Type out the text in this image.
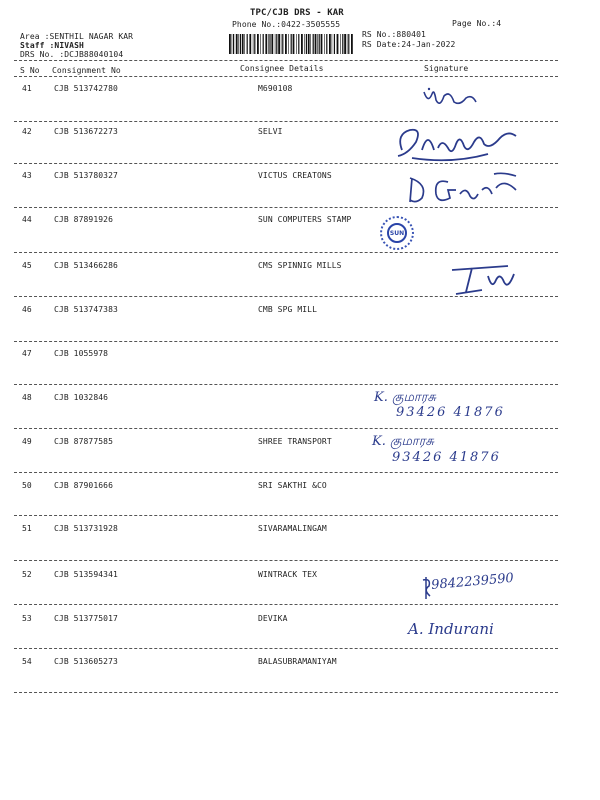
TPC/CJB DRS - KAR
Phone No.:0422-3505555	Page No.:4
Area :SENTHIL NAGAR KAR
Staff :NIVASH
DRS No. :DCJB88040104
RS No.:880401
RS Date:24-Jan-2022
S No Consignment No	Consignee Details	Signature
41	CJB 513742780	M690108
42	CJB 513672273	SELVI
43	CJB 513780327	VICTUS CREATONS
44	CJB 87891926	SUN COMPUTERS STAMP
45	CJB 513466286	CMS SPINNIG MILLS
46	CJB 513747383	CMB SPG MILL
47	CJB 1055978
48	CJB 1032846
49	CJB 87877585	SHREE TRANSPORT
50	CJB 87901666	SRI SAKTHI &CO
51	CJB 513731928	SIVARAMALINGAM
52	CJB 513594341	WINTRACK TEX
53	CJB 513775017	DEVIKA
54	CJB 513605273	BALASUBRAMANIYAM
SUN
K. குமாரசு
93426 41876
K. குமாரசு
93426 41876
9842239590
A. Indurani
